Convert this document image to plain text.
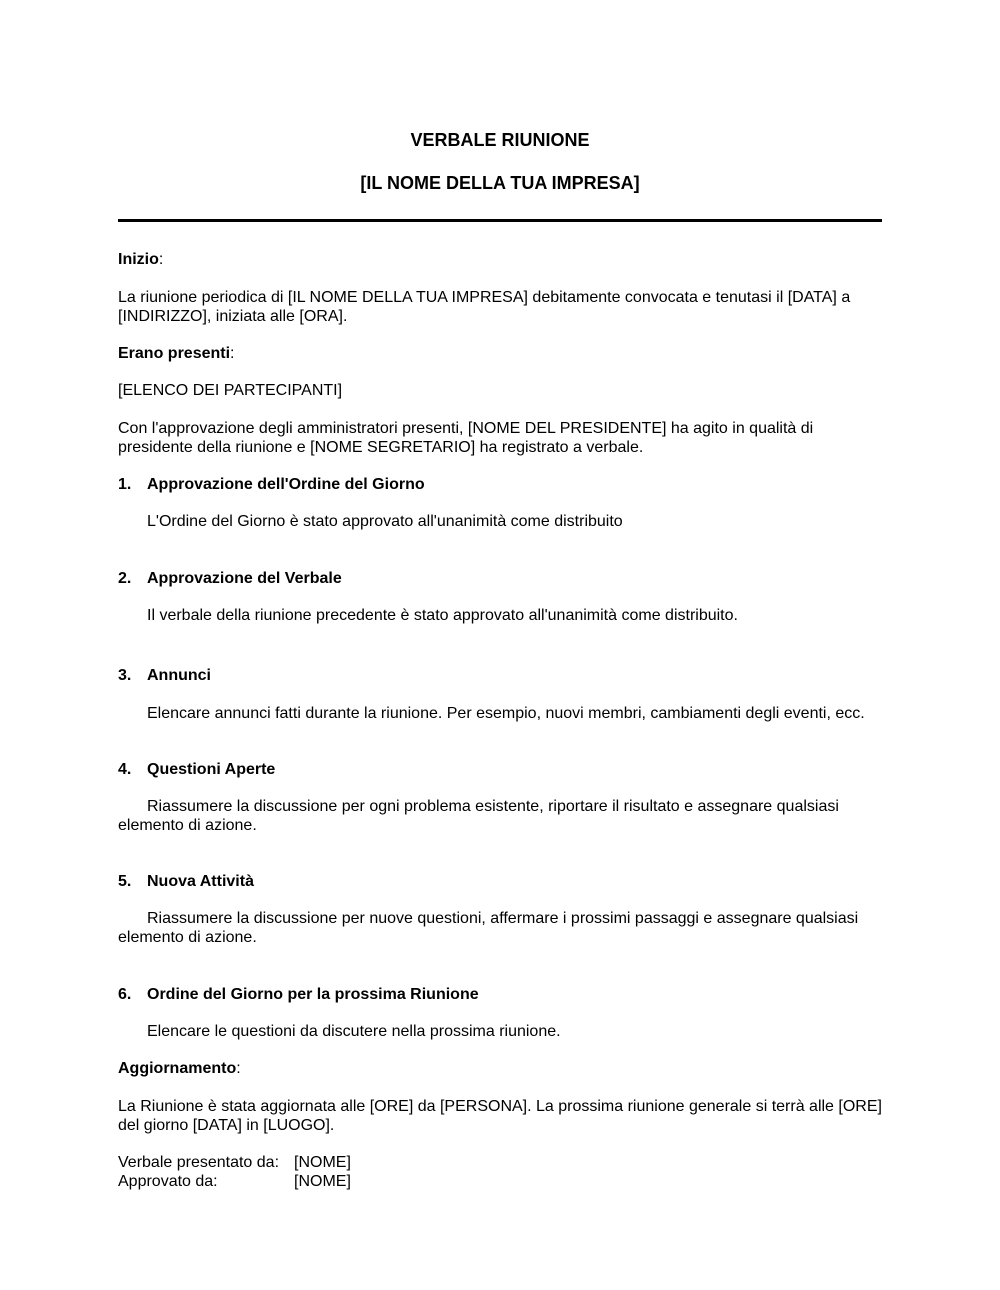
VERBALE RIUNIONE
[IL NOME DELLA TUA IMPRESA]
Inizio:
La riunione periodica di [IL NOME DELLA TUA IMPRESA] debitamente convocata e tenutasi il [DATA] a [INDIRIZZO], iniziata alle [ORA].
Erano presenti:
[ELENCO DEI PARTECIPANTI]
Con l'approvazione degli amministratori presenti, [NOME DEL PRESIDENTE] ha agito in qualità di presidente della riunione e [NOME SEGRETARIO] ha registrato a verbale.
1. Approvazione dell'Ordine del Giorno
L'Ordine del Giorno è stato approvato all'unanimità come distribuito
2. Approvazione del Verbale
Il verbale della riunione precedente è stato approvato all'unanimità come distribuito.
3. Annunci
Elencare annunci fatti durante la riunione. Per esempio, nuovi membri, cambiamenti degli eventi, ecc.
4. Questioni Aperte
Riassumere la discussione per ogni problema esistente, riportare il risultato e assegnare qualsiasi elemento di azione.
5. Nuova Attività
Riassumere la discussione per nuove questioni, affermare i prossimi passaggi e assegnare qualsiasi elemento di azione.
6. Ordine del Giorno per la prossima Riunione
Elencare le questioni da discutere nella prossima riunione.
Aggiornamento:
La Riunione è stata aggiornata alle [ORE] da [PERSONA]. La prossima riunione generale si terrà alle [ORE] del giorno [DATA] in [LUOGO].
Verbale presentato da: [NOME]
Approvato da:	[NOME]
